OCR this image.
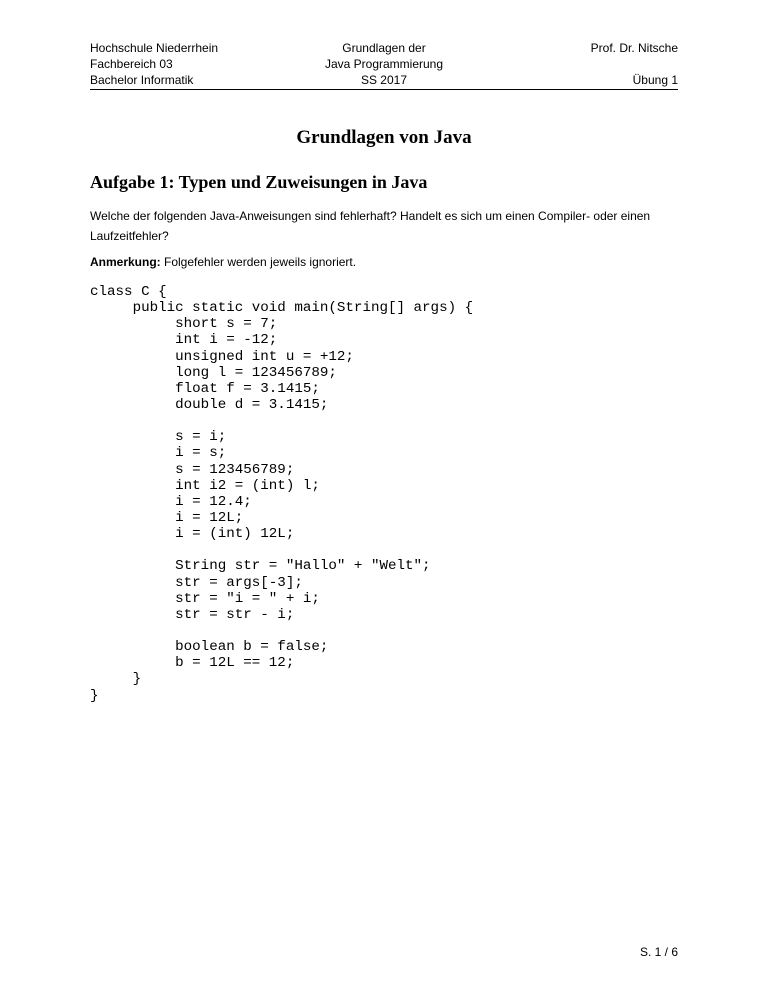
Hochschule Niederrhein
Fachbereich 03
Bachelor Informatik
Grundlagen der
Java Programmierung
SS 2017
Prof. Dr. Nitsche
Übung 1
Grundlagen von Java
Aufgabe 1: Typen und Zuweisungen in Java
Welche der folgenden Java-Anweisungen sind fehlerhaft? Handelt es sich um einen Compiler- oder einen Laufzeitfehler?
Anmerkung: Folgefehler werden jeweils ignoriert.
class C {
public static void main(String[] args) {
short s = 7;
int i = -12;
unsigned int u = +12;
long l = 123456789;
float f = 3.1415;
double d = 3.1415;
s = i;
i = s;
s = 123456789;
int i2 = (int) l;
i = 12.4;
i = 12L;
i = (int) 12L;
String str = "Hallo" + "Welt";
str = args[-3];
str = "i = " + i;
str = str - i;
boolean b = false;
b = 12L == 12;
}
}
S. 1 / 6
